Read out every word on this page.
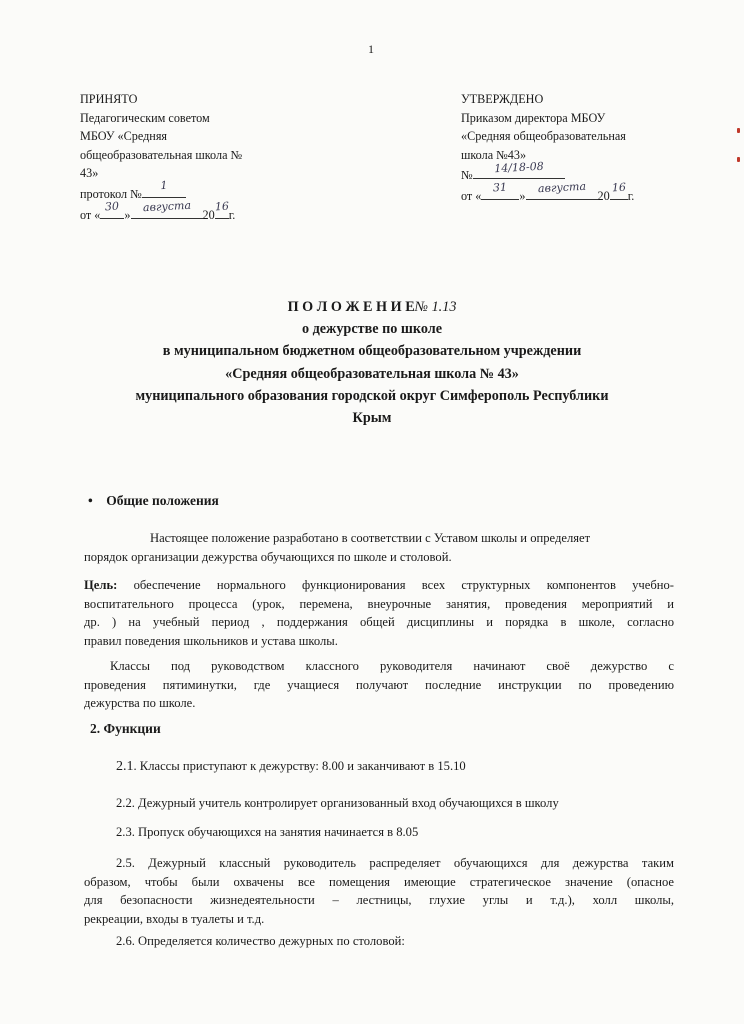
1
ПРИНЯТО
Педагогическим советом
МБОУ «Средняя
общеобразовательная школа №
43»
протокол №
1
от «
30
»
августа
20
16
г.
УТВЕРЖДЕНО
Приказом директора МБОУ
«Средняя общеобразовательная
школа №43»
№
14/18-08
от «
31
»
августа
20
16
г.
П О Л О Ж Е Н И Е№ 1.13
о дежурстве по школе
в муниципальном бюджетном общеобразовательном учреждении
«Средняя общеобразовательная школа № 43»
муниципального образования городской округ Симферополь Республики
Крым
• Общие положения
Настоящее положение разработано в соответствии с Уставом школы и определяет
порядок организации дежурства обучающихся по школе и столовой.
Цель: обеспечение нормального функционирования всех структурных компонентов учебно-
воспитательного процесса (урок, перемена, внеурочные занятия, проведения мероприятий и
др. ) на учебный период , поддержания общей дисциплины и порядка в школе, согласно
правил поведения школьников и устава школы.
Классы под руководством классного руководителя начинают своё дежурство с
проведения пятиминутки, где учащиеся получают последние инструкции по проведению
дежурства по школе.
2. Функции
2.1. Классы приступают к дежурству: 8.00 и заканчивают в 15.10
2.2. Дежурный учитель контролирует организованный вход обучающихся в школу
2.3. Пропуск обучающихся на занятия начинается в 8.05
2.5. Дежурный классный руководитель распределяет обучающихся для дежурства таким
образом, чтобы были охвачены все помещения имеющие стратегическое значение (опасное
для безопасности жизнедеятельности – лестницы, глухие углы и т.д.), холл школы,
рекреации, входы в туалеты и т.д.
2.6. Определяется количество дежурных по столовой:
